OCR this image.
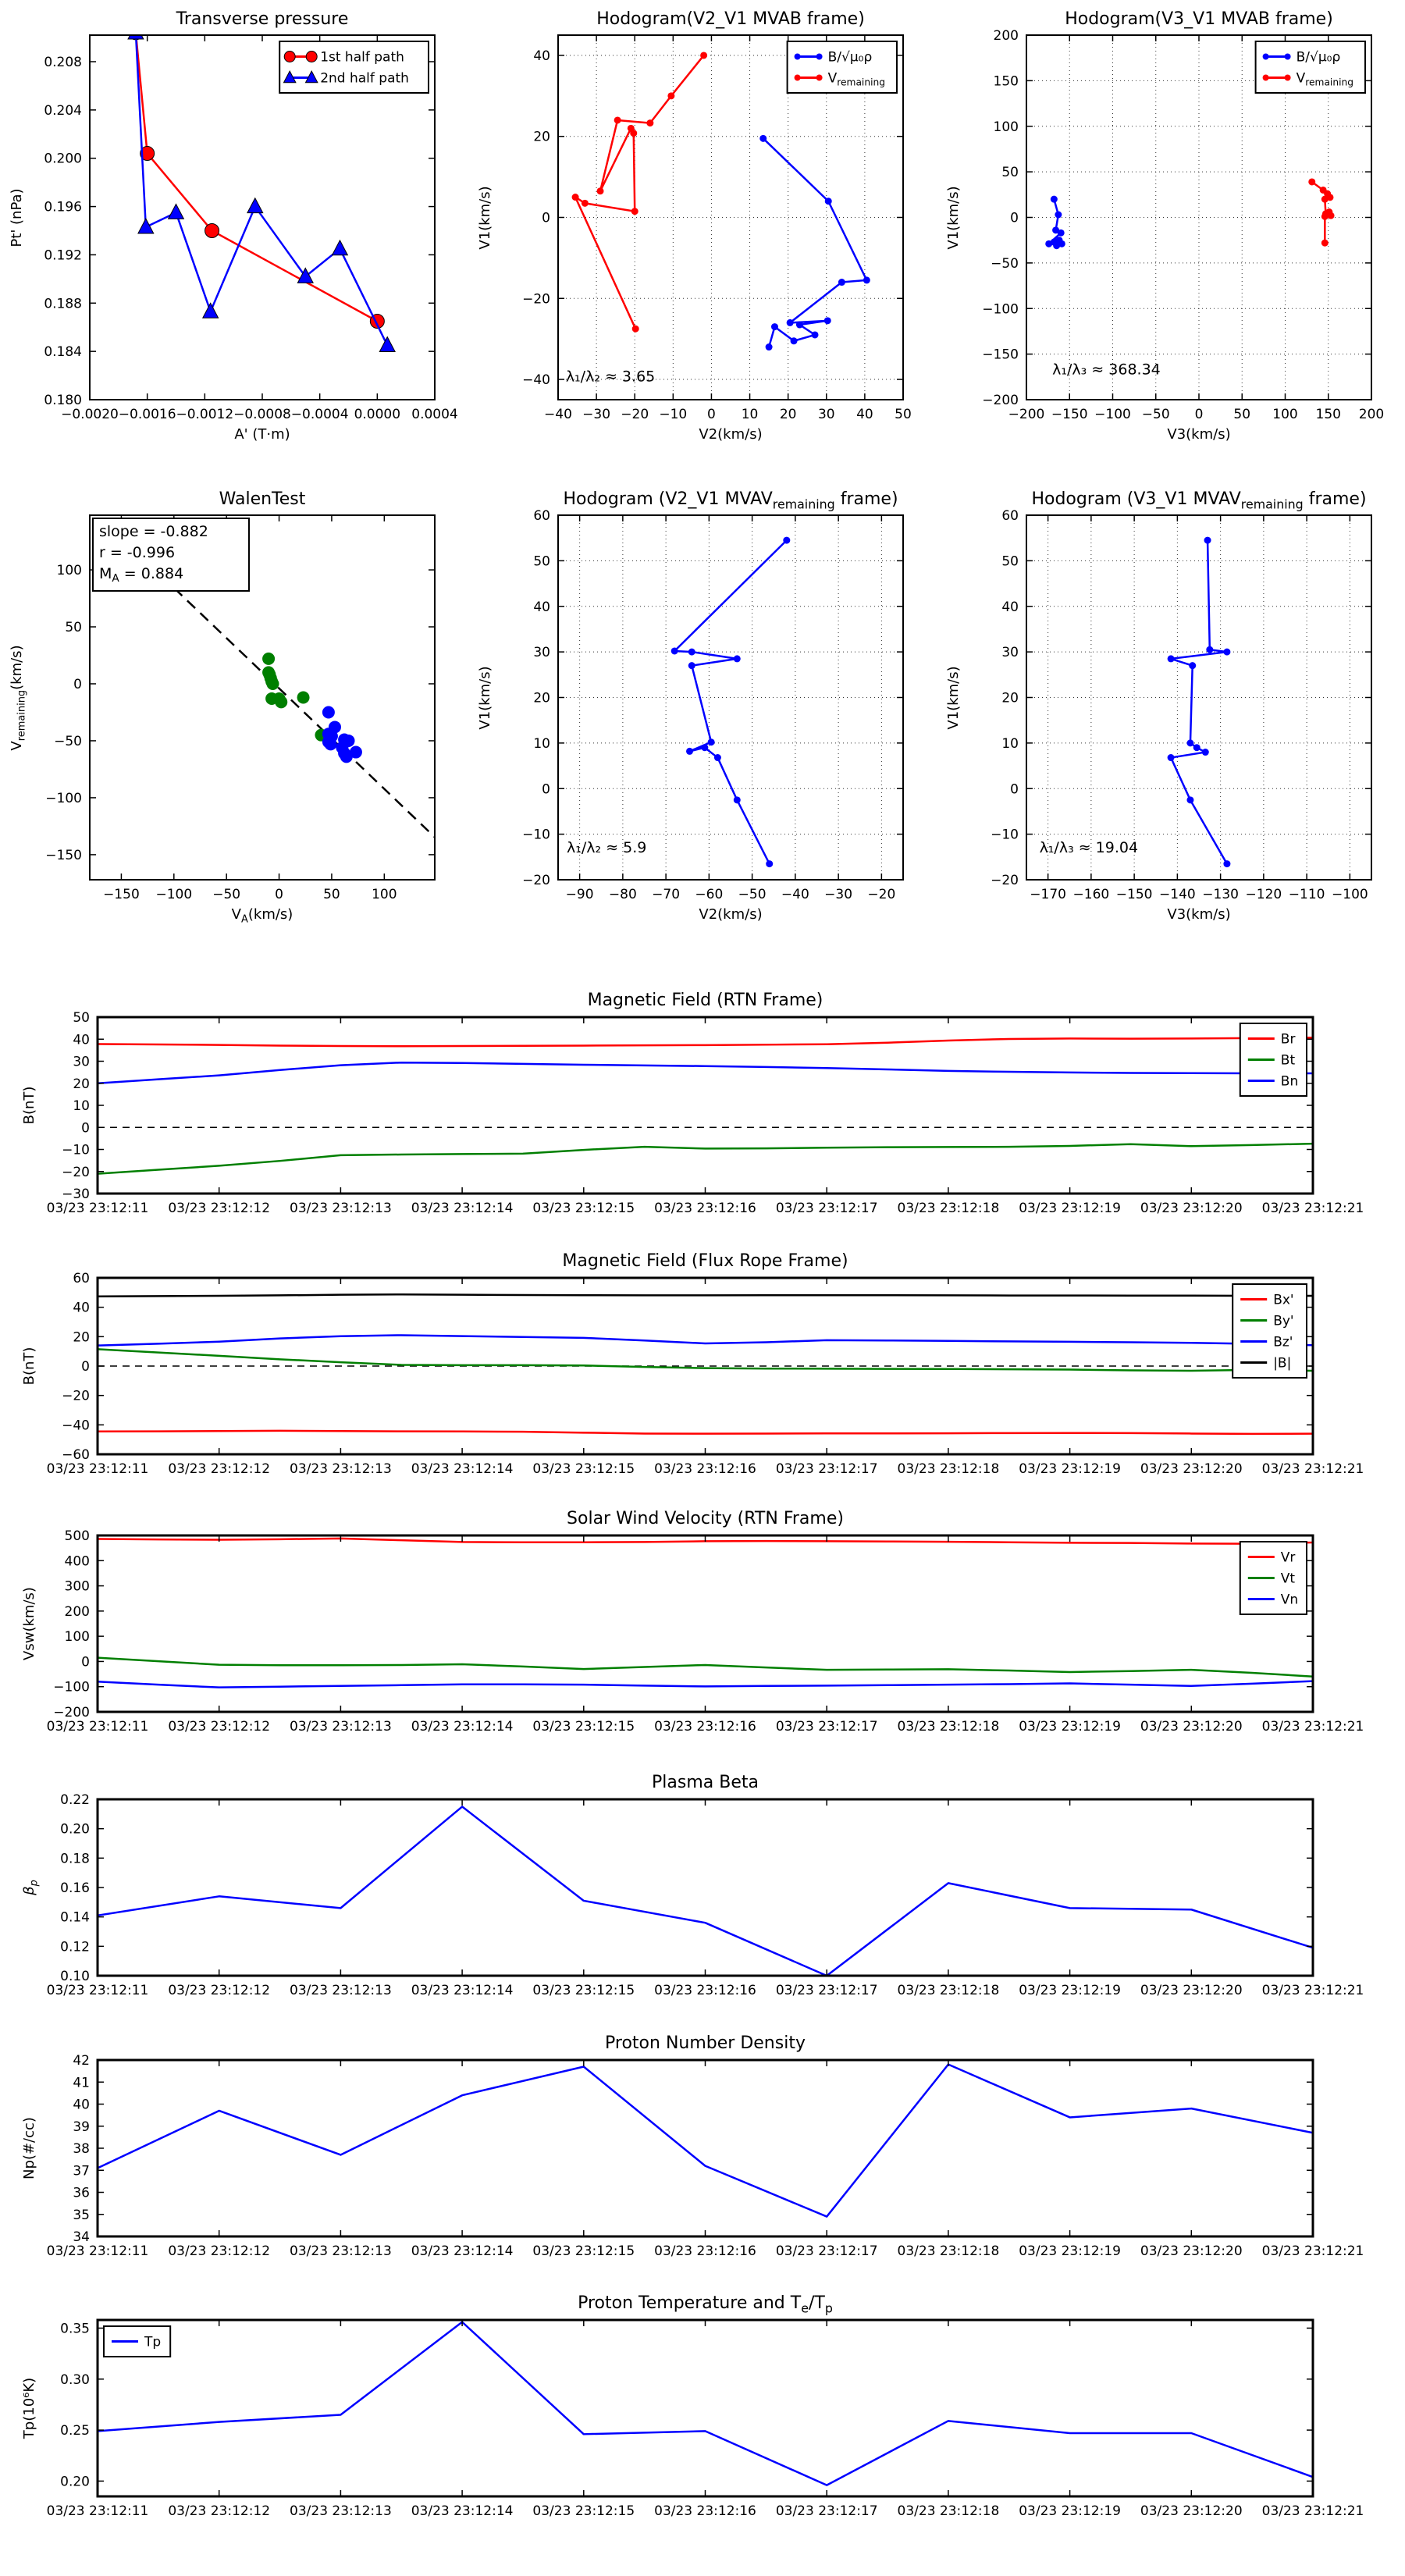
Transverse pressure
Pt' (nPa)
A' (T·m)
−0.0020 −0.0016 −0.0012 −0.0008 −0.0004 0.0000 0.0004
0.180
0.184
0.188
0.192
0.196
0.200
0.204
0.208	1st half path
2nd half path
Hodogram(V2_V1 MVAB frame)
V1(km/s)
V2(km/s)
−40 −30 −20 −10 0 10 20 30 40 50
−40
−20
0
20
40
λ₁/λ₂ ≈ 3.65
B/√μ₀ρ
$V_{remaining}$
Hodogram(V3_V1 MVAB frame)
V1(km/s)
V3(km/s)
−200 −150 −100 −50 0 50 100 150 200
−200
−150
−100
−50
0
50
100
150
200
λ₁/λ₃ ≈ 368.34
B/√μ₀ρ
$V_{remaining}$
WalenTest
$V_{remaining}(km/s)$
$V_A(km/s)$
−150 −100 −50	0	50 100
−150
−100
−50
0
50
100
slope = -0.882
r = -0.996
$M_A = 0.884$
Hodogram (V2_V1 $MVAV_{remaining}$ frame)
V1(km/s)
V2(km/s)
−90 −80 −70 −60 −50 −40 −30 −20
−20
−10
0
10
20
30
40
50
60
λ₁/λ₂ ≈ 5.9
Hodogram (V3_V1 $MVAV_{remaining}$ frame)
V1(km/s)
V3(km/s)
−170 −160 −150 −140 −130 −120 −110 −100
−20
−10
0
10
20
30
40
50
60
λ₁/λ₃ ≈ 19.04
Magnetic Field (RTN Frame)
B(nT)
03/23 23:12:11 03/23 23:12:12 03/23 23:12:13 03/23 23:12:14 03/23 23:12:15 03/23 23:12:16 03/23 23:12:17 03/23 23:12:18 03/23 23:12:19 03/23 23:12:20 03/23 23:12:21
−30
−20
−10
0
10
20
30
40
50
Br
Bt
Bn
Magnetic Field (Flux Rope Frame)
B(nT)
03/23 23:12:11 03/23 23:12:12 03/23 23:12:13 03/23 23:12:14 03/23 23:12:15 03/23 23:12:16 03/23 23:12:17 03/23 23:12:18 03/23 23:12:19 03/23 23:12:20 03/23 23:12:21
−60
−40
−20
0
20
40
60
Bx'
By'
Bz'
|B|
Solar Wind Velocity (RTN Frame)
Vsw(km/s)
03/23 23:12:11 03/23 23:12:12 03/23 23:12:13 03/23 23:12:14 03/23 23:12:15 03/23 23:12:16 03/23 23:12:17 03/23 23:12:18 03/23 23:12:19 03/23 23:12:20 03/23 23:12:21
−200
−100
0
100
200
300
400
500
Vr
Vt
Vn
Plasma Beta
$\beta_p$
03/23 23:12:11 03/23 23:12:12 03/23 23:12:13 03/23 23:12:14 03/23 23:12:15 03/23 23:12:16 03/23 23:12:17 03/23 23:12:18 03/23 23:12:19 03/23 23:12:20 03/23 23:12:21
0.10
0.12
0.14
0.16
0.18
0.20
0.22
Proton Number Density
Np(#/cc)
03/23 23:12:11 03/23 23:12:12 03/23 23:12:13 03/23 23:12:14 03/23 23:12:15 03/23 23:12:16 03/23 23:12:17 03/23 23:12:18 03/23 23:12:19 03/23 23:12:20 03/23 23:12:21
34
35
36
37
38
39
40
41
42
Proton Temperature and $T_e/T_p$
Tp(10⁶K)
03/23 23:12:11 03/23 23:12:12 03/23 23:12:13 03/23 23:12:14 03/23 23:12:15 03/23 23:12:16 03/23 23:12:17 03/23 23:12:18 03/23 23:12:19 03/23 23:12:20 03/23 23:12:21
0.20
0.25
0.30
0.35
Tp
